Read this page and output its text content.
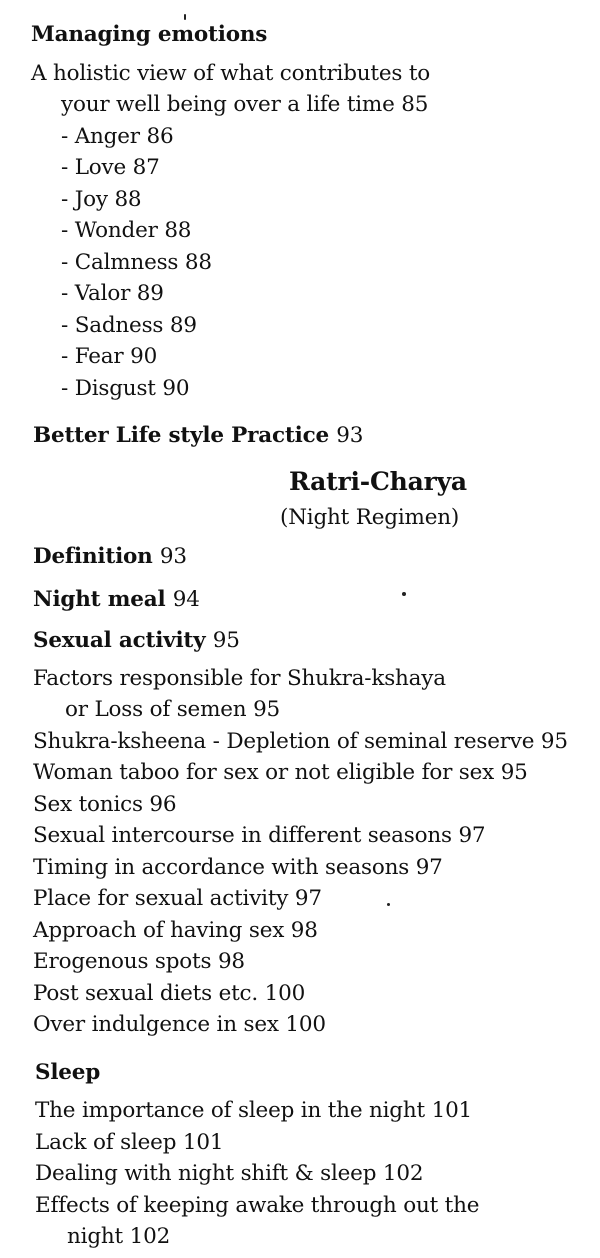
Managing emotions
A holistic view of what contributes to
your well being over a life time 85
- Anger 86
- Love 87
- Joy 88
- Wonder 88
- Calmness 88
- Valor 89
- Sadness 89
- Fear 90
- Disgust 90
Better Life style Practice 93
Ratri-Charya
(Night Regimen)
Definition 93
Night meal 94
Sexual activity 95
Factors responsible for Shukra-kshaya
or Loss of semen 95
Shukra-ksheena - Depletion of seminal reserve 95
Woman taboo for sex or not eligible for sex 95
Sex tonics 96
Sexual intercourse in different seasons 97
Timing in accordance with seasons 97
Place for sexual activity 97
Approach of having sex 98
Erogenous spots 98
Post sexual diets etc. 100
Over indulgence in sex 100
Sleep
The importance of sleep in the night 101
Lack of sleep 101
Dealing with night shift & sleep 102
Effects of keeping awake through out the
night 102
